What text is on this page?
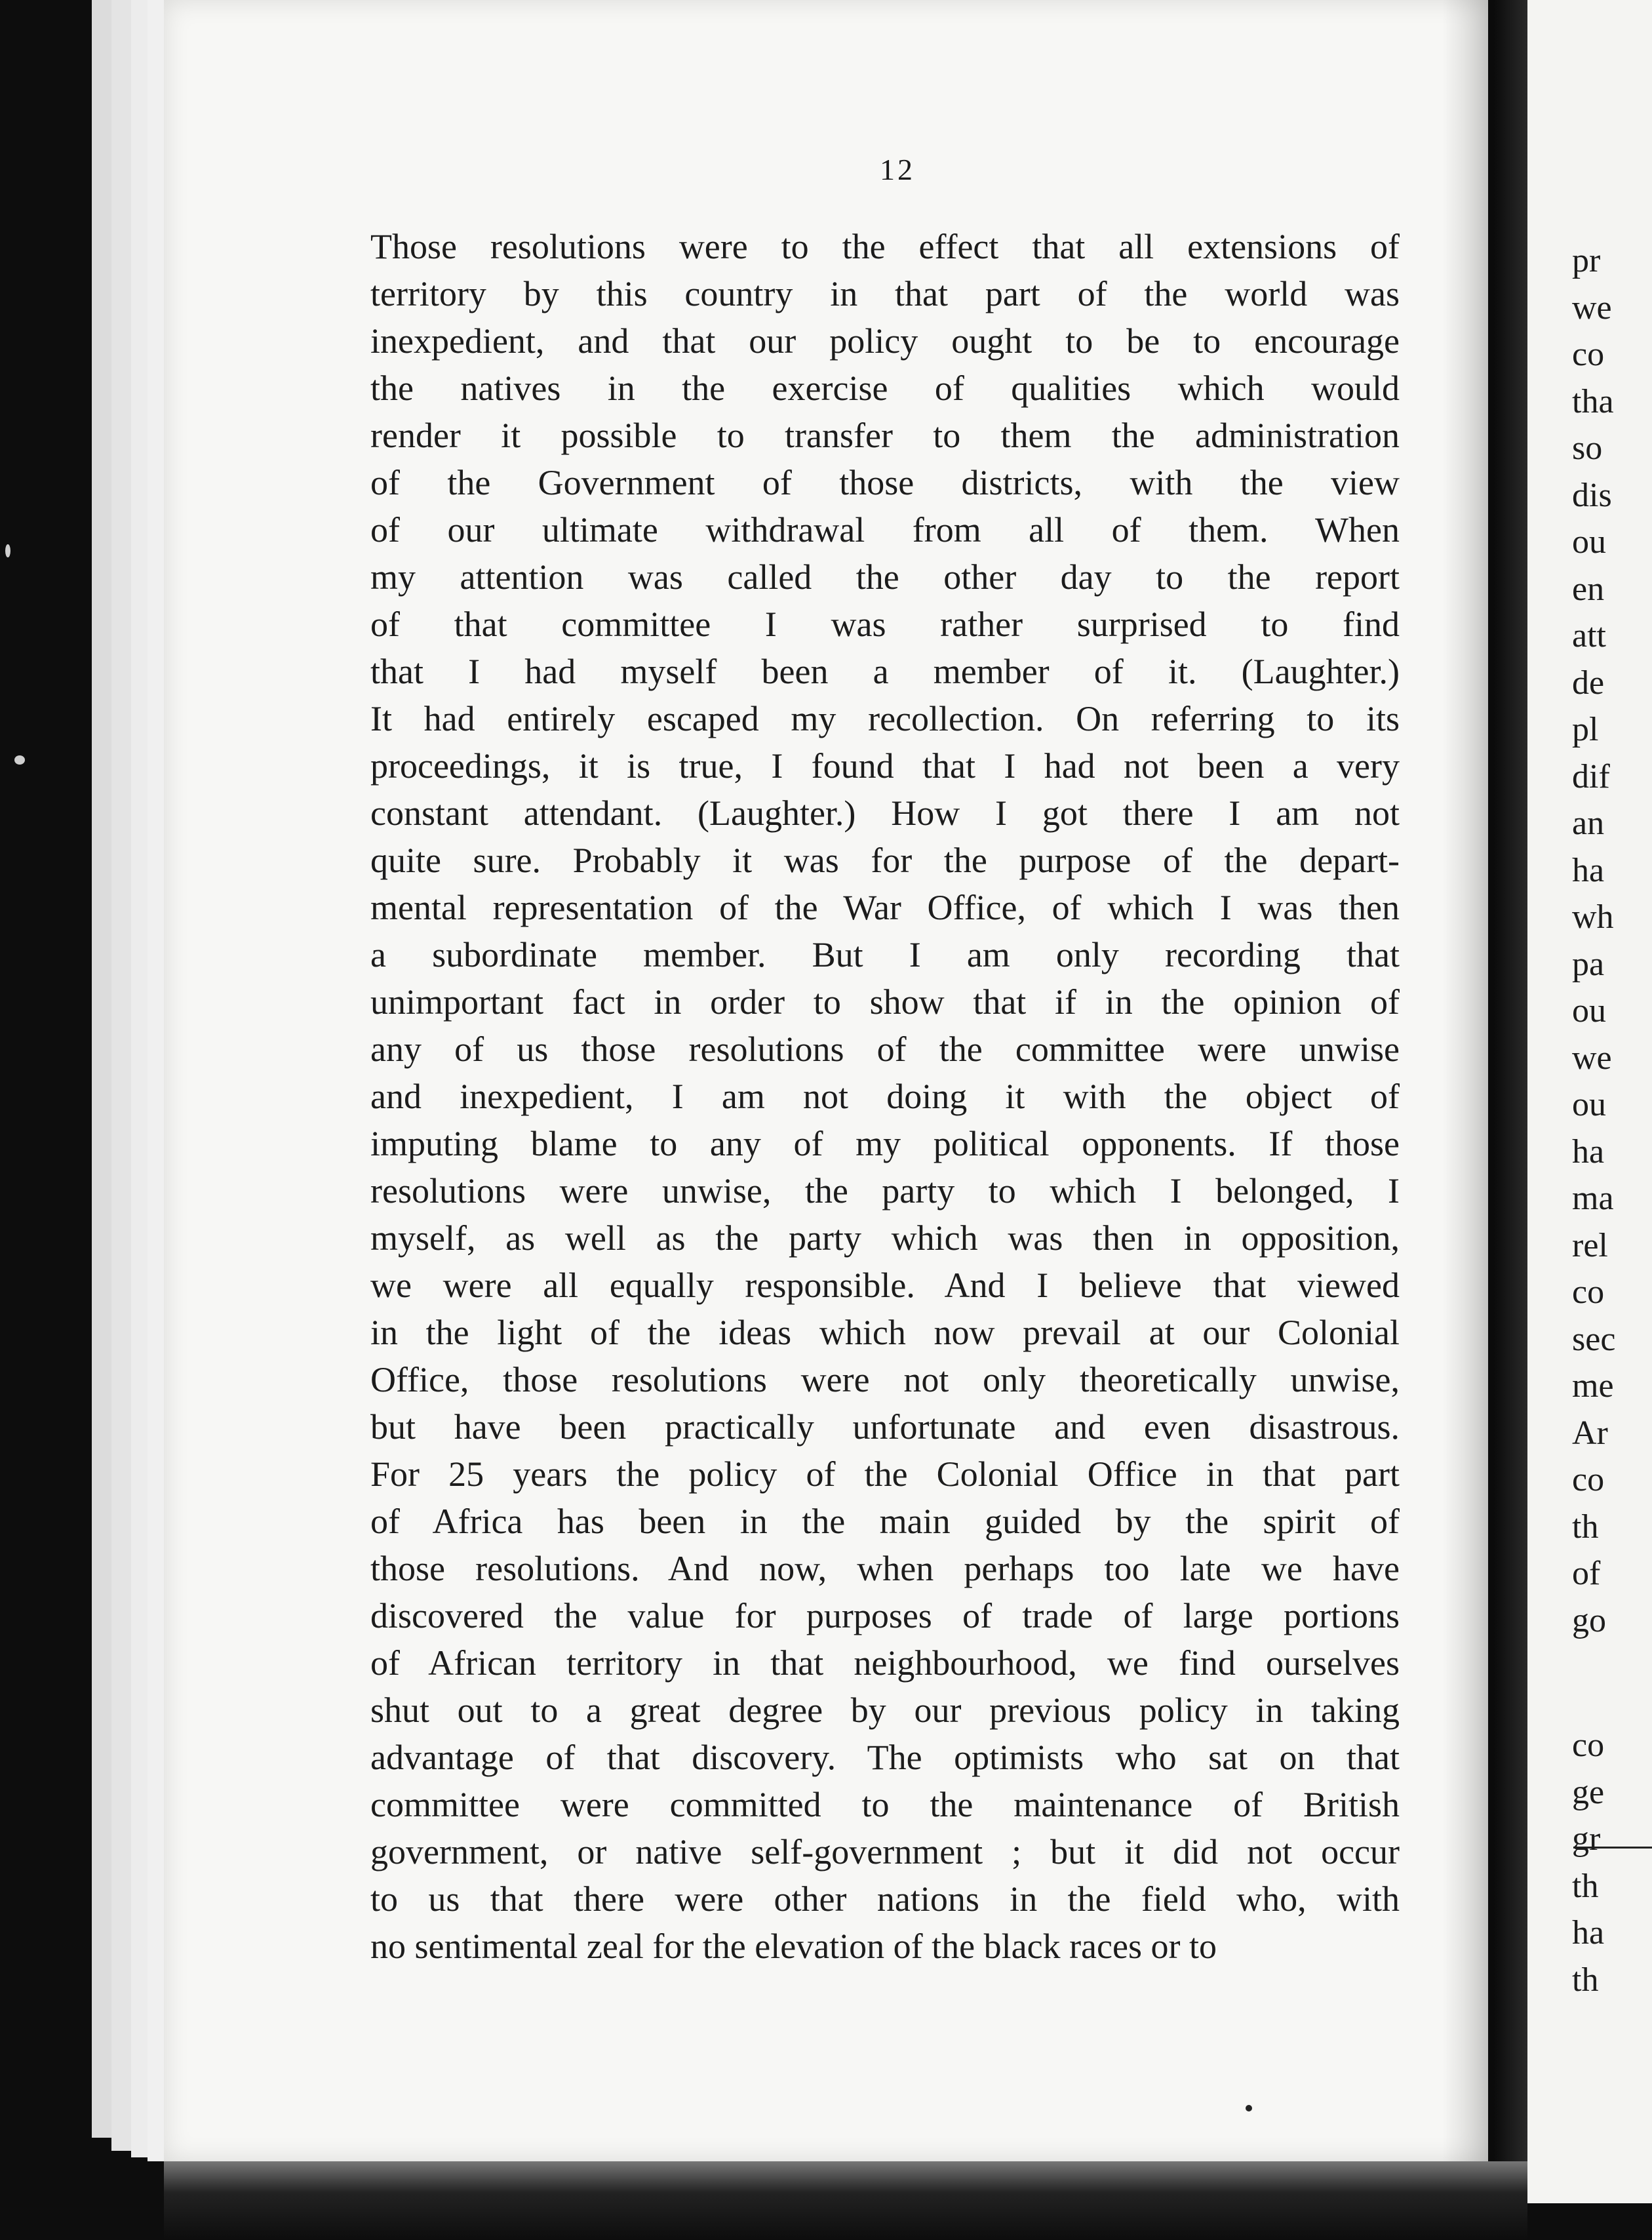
12
Those resolutions were to the effect that all extensions of
territory by this country in that part of the world was
inexpedient, and that our policy ought to be to encourage
the natives in the exercise of qualities which would
render it possible to transfer to them the administration
of the Government of those districts, with the view
of our ultimate withdrawal from all of them. When
my attention was called the other day to the report
of that committee I was rather surprised to find
that I had myself been a member of it. (Laughter.)
It had entirely escaped my recollection. On referring to its
proceedings, it is true, I found that I had not been a very
constant attendant. (Laughter.) How I got there I am not
quite sure. Probably it was for the purpose of the depart-
mental representation of the War Office, of which I was then
a subordinate member. But I am only recording that
unimportant fact in order to show that if in the opinion of
any of us those resolutions of the committee were unwise
and inexpedient, I am not doing it with the object of
imputing blame to any of my political opponents. If those
resolutions were unwise, the party to which I belonged, I
myself, as well as the party which was then in opposition,
we were all equally responsible. And I believe that viewed
in the light of the ideas which now prevail at our Colonial
Office, those resolutions were not only theoretically unwise,
but have been practically unfortunate and even disastrous.
For 25 years the policy of the Colonial Office in that part
of Africa has been in the main guided by the spirit of
those resolutions. And now, when perhaps too late we have
discovered the value for purposes of trade of large portions
of African territory in that neighbourhood, we find ourselves
shut out to a great degree by our previous policy in taking
advantage of that discovery. The optimists who sat on that
committee were committed to the maintenance of British
government, or native self-government ; but it did not occur
to us that there were other nations in the field who, with
no sentimental zeal for the elevation of the black races or to
pr
we
co
tha
so
dis
ou
en
att
de
pl
dif
an
ha
wh
pa
ou
we
ou
ha
ma
rel
co
sec
me
Ar
co
th
of
go
co
ge
gr
th
ha
th
